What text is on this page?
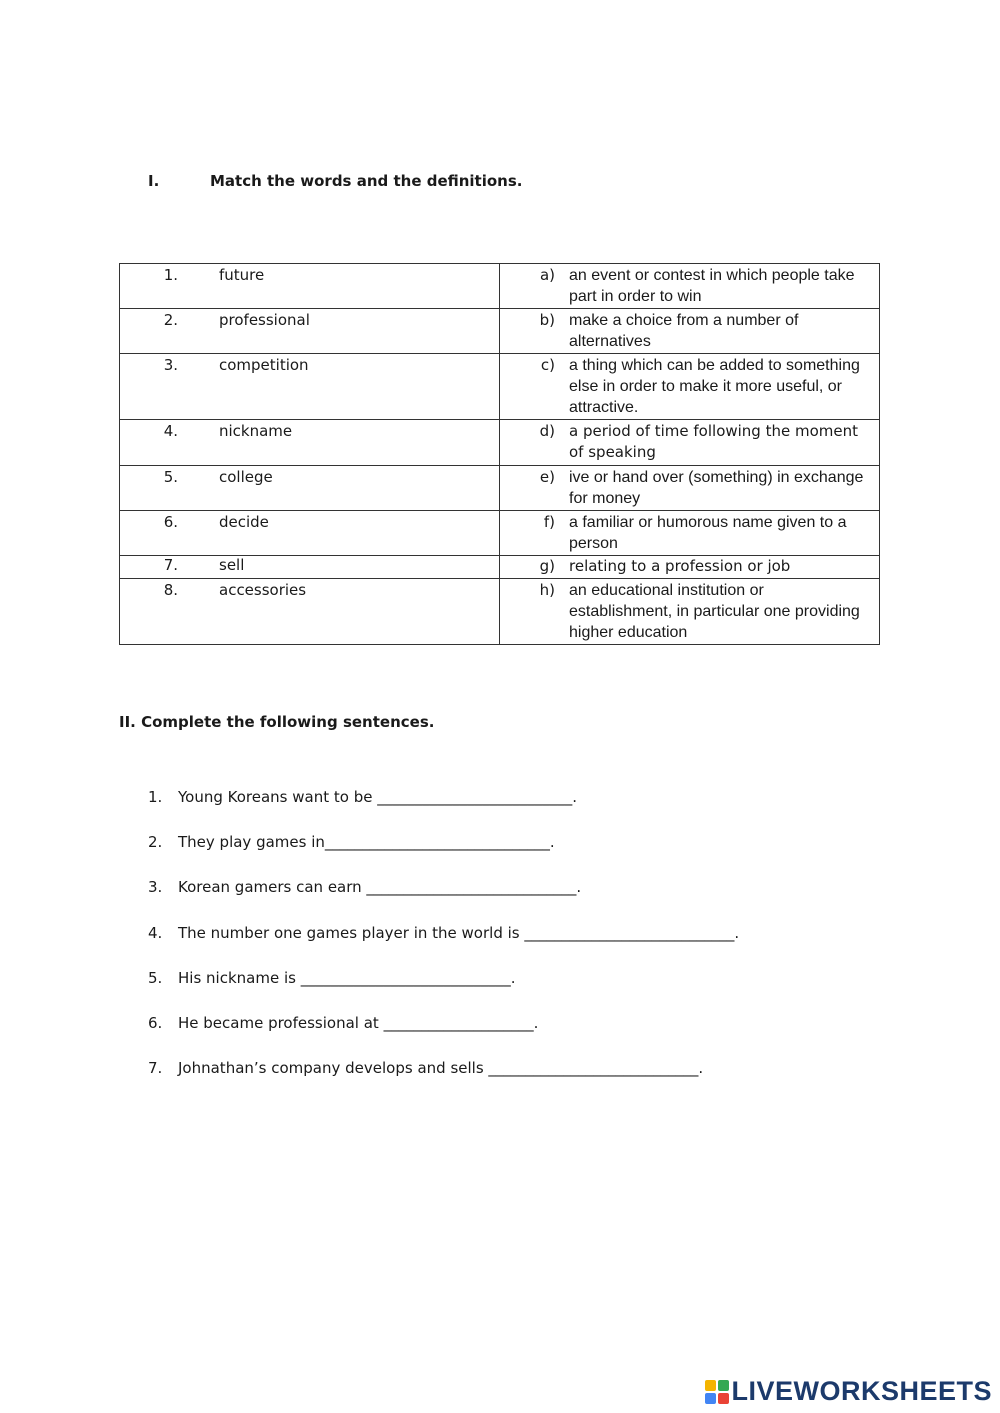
I.	Match the words and the definitions.
1. future	a) an event or contest in which people take part in order to win

2. professional	b) make a choice from a number of alternatives

3. competition	c) a thing which can be added to something else in order to make it more useful, or attractive.

4. nickname	d) a period of time following the moment of speaking

5. college	e) ive or hand over (something) in exchange for money

6. decide	f) a familiar or humorous name given to a person

7. sell	g) relating to a profession or job

8. accessories	h) an educational institution or establishment, in particular one providing higher education
II. Complete the following sentences.
1.	Young Koreans want to be __________________________.
2.	They play games in______________________________.
3.	Korean gamers can earn ____________________________.
4.	The number one games player in the world is ____________________________.
5.	His nickname is ____________________________.
6.	He became professional at ____________________.
7.	Johnathan’s company develops and sells ____________________________.
LIVEWORKSHEETS
